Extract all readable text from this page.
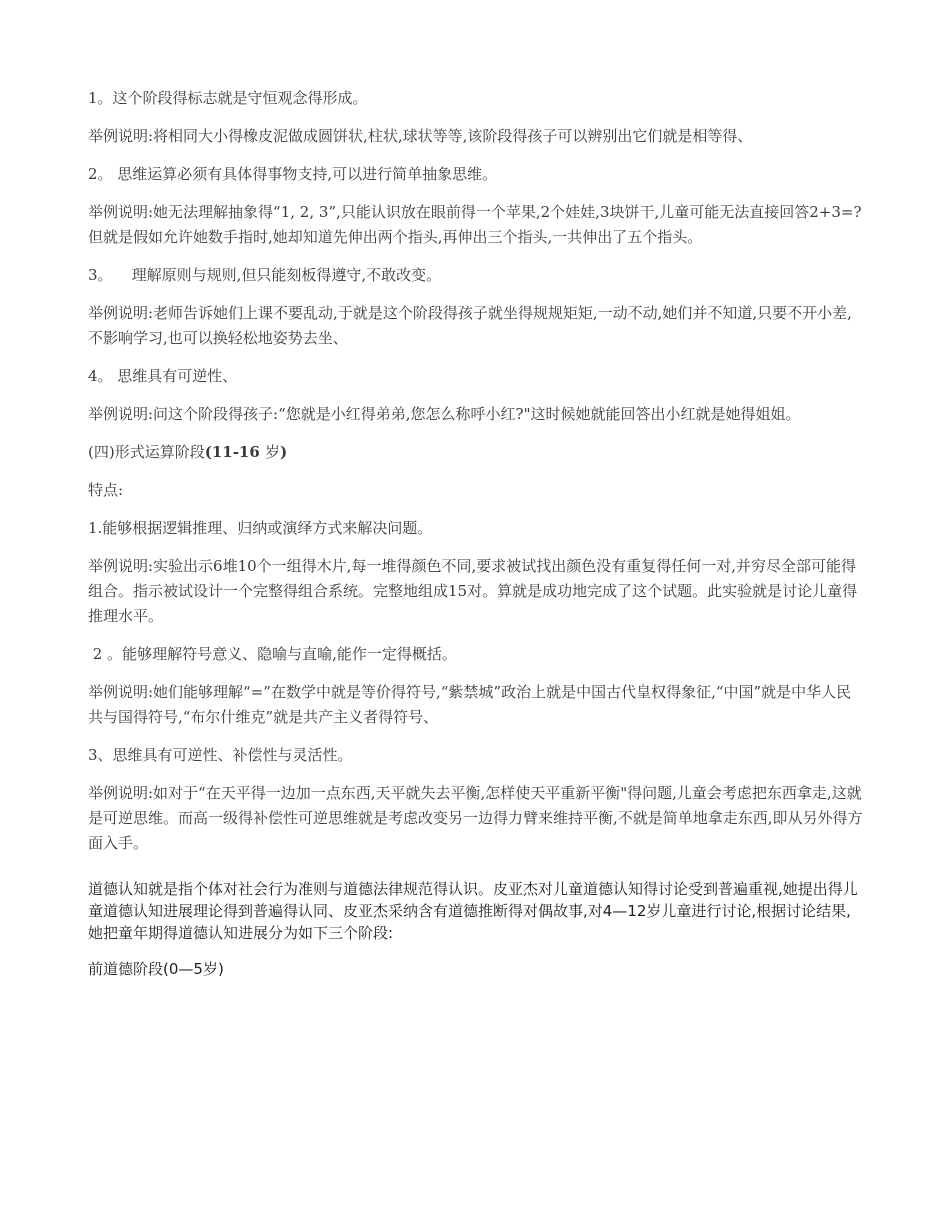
1。这个阶段得标志就是守恒观念得形成。

举例说明:将相同大小得橡皮泥做成圆饼状,柱状,球状等等,该阶段得孩子可以辨别出它们就是相等得、

2。 思维运算必须有具体得事物支持,可以进行简单抽象思维。

举例说明:她无法理解抽象得“1, 2, 3”,只能认识放在眼前得一个苹果,2个娃娃,3块饼干,儿童可能无法直接回答2+3=? 但就是假如允许她数手指时,她却知道先伸出两个指头,再伸出三个指头,一共伸出了五个指头。

3。    理解原则与规则,但只能刻板得遵守,不敢改变。

举例说明:老师告诉她们上课不要乱动,于就是这个阶段得孩子就坐得规规矩矩,一动不动,她们并不知道,只要不开小差,不影响学习,也可以换轻松地姿势去坐、

4。 思维具有可逆性、

举例说明:问这个阶段得孩子:“您就是小红得弟弟,您怎么称呼小红?"这时候她就能回答出小红就是她得姐姐。

(四)形式运算阶段(11-16 岁)

特点:

1.能够根据逻辑推理、归纳或演绎方式来解决问题。

举例说明:实验出示6堆10个一组得木片,每一堆得颜色不同,要求被试找出颜色没有重复得任何一对,并穷尽全部可能得组合。指示被试设计一个完整得组合系统。完整地组成15对。算就是成功地完成了这个试题。此实验就是讨论儿童得推理水平。

2 。能够理解符号意义、隐喻与直喻,能作一定得概括。

举例说明:她们能够理解“=”在数学中就是等价得符号,“紫禁城”政治上就是中国古代皇权得象征,“中国”就是中华人民共与国得符号,“布尔什维克”就是共产主义者得符号、

3、思维具有可逆性、补偿性与灵活性。

举例说明:如对于“在天平得一边加一点东西,天平就失去平衡,怎样使天平重新平衡"得问题,儿童会考虑把东西拿走,这就是可逆思维。而高一级得补偿性可逆思维就是考虑改变另一边得力臂来维持平衡,不就是简单地拿走东西,即从另外得方面入手。

道德认知就是指个体对社会行为准则与道德法律规范得认识。皮亚杰对儿童道德认知得讨论受到普遍重视,她提出得儿童道德认知进展理论得到普遍得认同、皮亚杰采纳含有道德推断得对偶故事,对4—12岁儿童进行讨论,根据讨论结果,她把童年期得道德认知进展分为如下三个阶段:

前道德阶段(0—5岁)
